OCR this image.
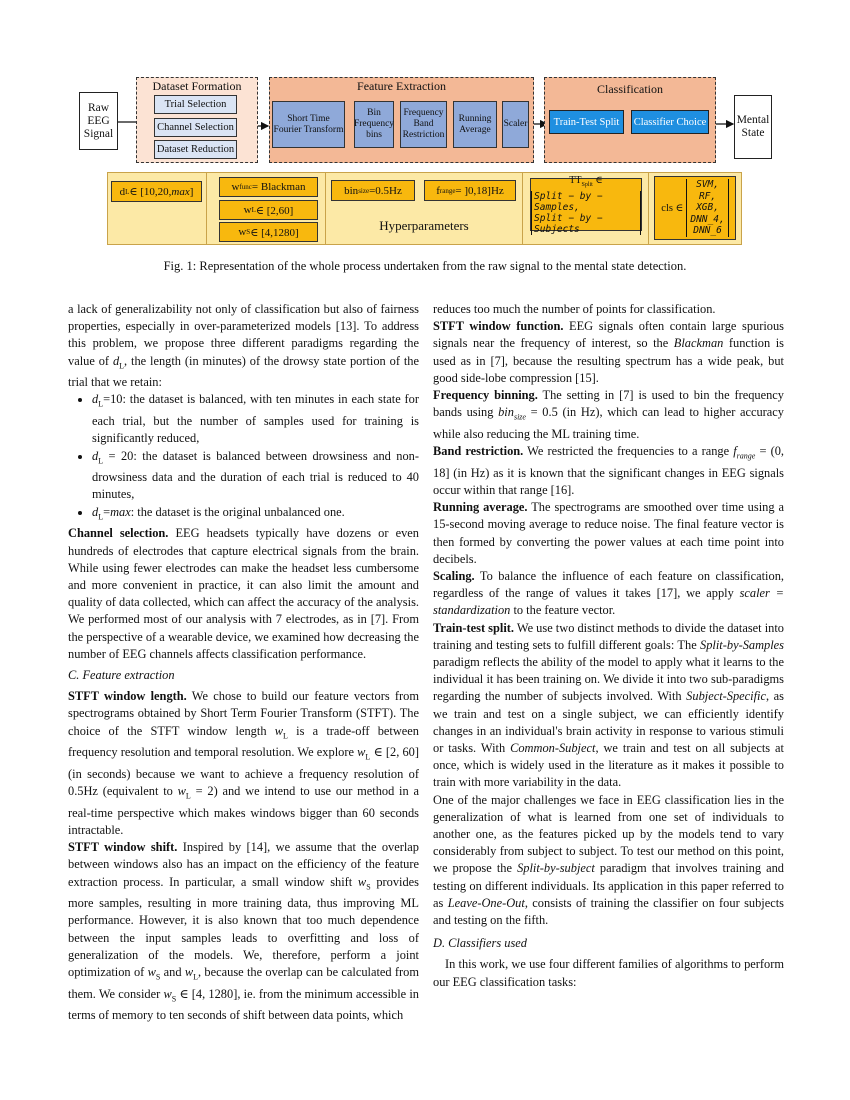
Raw
EEG
Signal
Dataset Formation
Trial Selection
Channel Selection
Dataset Reduction
Feature Extraction
Short Time Fourier Transform
Bin Frequency bins
Frequency Band Restriction
Running Average
Scaler
Classification
Train-Test Split	Classifier Choice	Mental
State
d L ∈ [10,20, max ]	w func = Blackman
w L ∈ [2,60]
w S ∈ [4,1280]
bin size =0.5Hz	f range = ]0,18]Hz
Hyperparameters
$TT_{Split}$ ∈
Split − by − Samples,
Split − by − Subjects
cls ∈
SVM,
RF,
XGB,
DNN_4,
DNN_6
Fig. 1: Representation of the whole process undertaken from the raw signal to the mental state detection.

a lack of generalizability not only of classification but also of fairness properties, especially in over-parameterized models [13]. To address this problem, we propose three different paradigms regarding the value of $d_L$, the length (in minutes) of the drowsy state portion of the trial that we retain:

• $d_L=10$: the dataset is balanced, with ten minutes in each state for each trial, but the number of samples used for training is significantly reduced,
• $d_L = 20$: the dataset is balanced between drowsiness and non-drowsiness data and the duration of each trial is reduced to 40 minutes,
• $d_L=\max$: the dataset is the original unbalanced one.

Channel selection. EEG headsets typically have dozens or even hundreds of electrodes that capture electrical signals from the brain. While using fewer electrodes can make the headset less cumbersome and more convenient in practice, it can also limit the amount and quality of data collected, which can affect the accuracy of the analysis. We performed most of our analysis with 7 electrodes, as in [7]. From the perspective of a wearable device, we examined how decreasing the number of EEG channels affects classification performance.

C. Feature extraction

STFT window length. We chose to build our feature vectors from spectrograms obtained by Short Term Fourier Transform (STFT). The choice of the STFT window length $w_L$ is a trade-off between frequency resolution and temporal resolution. We explore $w_L$ ∈ [2, 60] (in seconds) because we want to achieve a frequency resolution of 0.5Hz (equivalent to $w_L = 2$) and we intend to use our method in a real-time perspective which makes windows bigger than 60 seconds intractable.

STFT window shift. Inspired by [14], we assume that the overlap between windows also has an impact on the efficiency of the feature extraction process. In particular, a small window shift $w_S$ provides more samples, resulting in more training data, thus improving ML performance. However, it is also known that too much dependence between the input samples leads to overfitting and loss of generalization of the models. We, therefore, perform a joint optimization of $w_S$ and $w_L$, because the overlap can be calculated from them. We consider $w_S$ ∈ [4, 1280], ie. from the minimum accessible in terms of memory to ten seconds of shift between data points, which

reduces too much the number of points for classification.

STFT window function. EEG signals often contain large spurious signals near the frequency of interest, so the Blackman function is used as in [7], because the resulting spectrum has a wide peak, but good side-lobe compression [15].

Frequency binning. The setting in [7] is used to bin the frequency bands using bin$_{size}$ = 0.5 (in Hz), which can lead to higher accuracy while also reducing the ML training time.

Band restriction. We restricted the frequencies to a range $f_{range} = (0$, 18] (in Hz) as it is known that the significant changes in EEG signals occur within that range [16].

Running average. The spectrograms are smoothed over time using a 15-second moving average to reduce noise. The final feature vector is then formed by converting the power values at each time point into decibels.

Scaling. To balance the influence of each feature on classification, regardless of the range of values it takes [17], we apply scaler = standardization to the feature vector.

Train-test split. We use two distinct methods to divide the dataset into training and testing sets to fulfill different goals: The Split-by-Samples paradigm reflects the ability of the model to apply what it learns to the individual it has been training on. We divide it into two sub-paradigms regarding the number of subjects involved. With Subject-Specific, as we train and test on a single subject, we can efficiently identify changes in an individual's brain activity in response to various stimuli or tasks. With Common-Subject, we train and test on all subjects at once, which is widely used in the literature as it makes it possible to train with more variability in the data.

One of the major challenges we face in EEG classification lies in the generalization of what is learned from one set of individuals to another one, as the features picked up by the models tend to vary considerably from subject to subject. To test our method on this point, we propose the Split-by-subject paradigm that involves training and testing on different individuals. Its application in this paper referred to as Leave-One-Out, consists of training the classifier on four subjects and testing on the fifth.

D. Classifiers used

In this work, we use four different families of algorithms to perform our EEG classification tasks:
